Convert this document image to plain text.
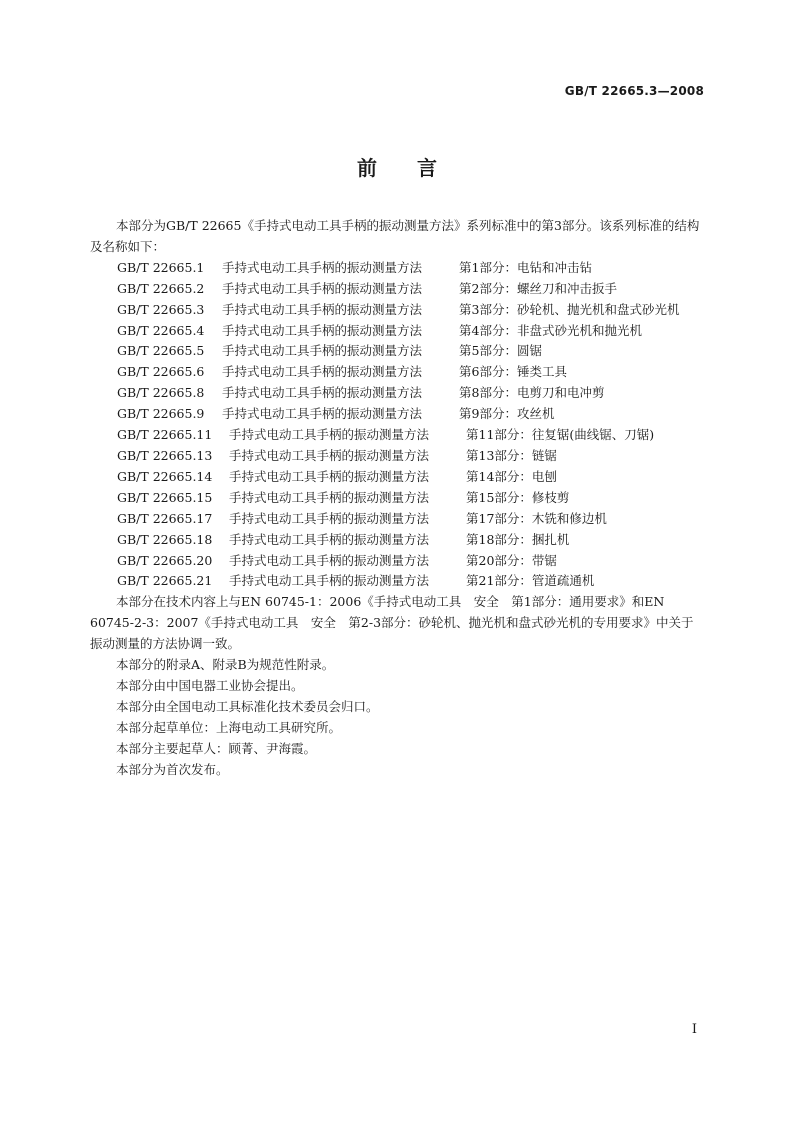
GB/T 22665.3—2008
前言

本部分为GB/T 22665《手持式电动工具手柄的振动测量方法》系列标准中的第3部分。该系列标准的结构及名称如下：

GB/T 22665.1	手持式电动工具手柄的振动测量方法	第1部分：电钻和冲击钻
GB/T 22665.2	手持式电动工具手柄的振动测量方法	第2部分：螺丝刀和冲击扳手
GB/T 22665.3	手持式电动工具手柄的振动测量方法	第3部分：砂轮机、抛光机和盘式砂光机
GB/T 22665.4	手持式电动工具手柄的振动测量方法	第4部分：非盘式砂光机和抛光机
GB/T 22665.5	手持式电动工具手柄的振动测量方法	第5部分：圆锯
GB/T 22665.6	手持式电动工具手柄的振动测量方法	第6部分：锤类工具
GB/T 22665.8	手持式电动工具手柄的振动测量方法	第8部分：电剪刀和电冲剪
GB/T 22665.9	手持式电动工具手柄的振动测量方法	第9部分：攻丝机
GB/T 22665.11	手持式电动工具手柄的振动测量方法	第11部分：往复锯(曲线锯、刀锯)
GB/T 22665.13	手持式电动工具手柄的振动测量方法	第13部分：链锯
GB/T 22665.14	手持式电动工具手柄的振动测量方法	第14部分：电刨
GB/T 22665.15	手持式电动工具手柄的振动测量方法	第15部分：修枝剪
GB/T 22665.17	手持式电动工具手柄的振动测量方法	第17部分：木铣和修边机
GB/T 22665.18	手持式电动工具手柄的振动测量方法	第18部分：捆扎机
GB/T 22665.20	手持式电动工具手柄的振动测量方法	第20部分：带锯
GB/T 22665.21	手持式电动工具手柄的振动测量方法	第21部分：管道疏通机

本部分在技术内容上与EN 60745-1：2006《手持式电动工具　安全　第1部分：通用要求》和EN 60745-2-3：2007《手持式电动工具　安全　第2-3部分：砂轮机、抛光机和盘式砂光机的专用要求》中关于振动测量的方法协调一致。

本部分的附录A、附录B为规范性附录。

本部分由中国电器工业协会提出。

本部分由全国电动工具标准化技术委员会归口。

本部分起草单位：上海电动工具研究所。

本部分主要起草人：顾菁、尹海霞。

本部分为首次发布。

I
